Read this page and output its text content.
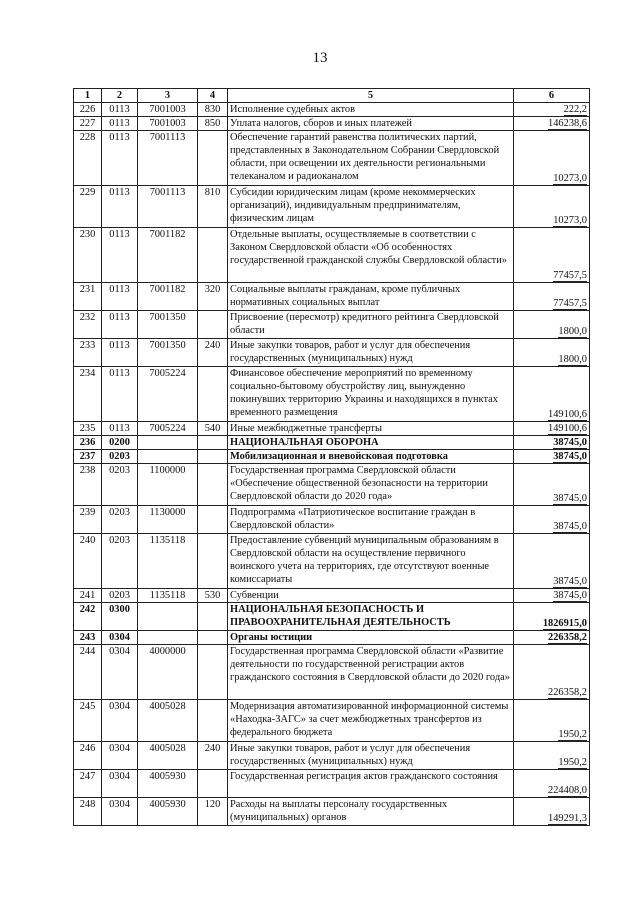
13
1	2	3	4	5	6
226	0113	7001003	830	Исполнение судебных актов	222,2
227	0113	7001003	850	Уплата налогов, сборов и иных платежей	146238,6
228	0113	7001113		Обеспечение гарантий равенства политических партий, представленных в Законодательном Собрании Свердловской области, при освещении их деятельности региональными телеканалом и радиоканалом	10273,0
229	0113	7001113	810	Субсидии юридическим лицам (кроме некоммерческих организаций), индивидуальным предпринимателям, физическим лицам	10273,0
230	0113	7001182		Отдельные выплаты, осуществляемые в соответствии с Законом Свердловской области «Об особенностях государственной гражданской службы Свердловской области»	77457,5
231	0113	7001182	320	Социальные выплаты гражданам, кроме публичных нормативных социальных выплат	77457,5
232	0113	7001350		Присвоение (пересмотр) кредитного рейтинга Свердловской области	1800,0
233	0113	7001350	240	Иные закупки товаров, работ и услуг для обеспечения государственных (муниципальных) нужд	1800,0
234	0113	7005224		Финансовое обеспечение мероприятий по временному социально-бытовому обустройству лиц, вынужденно покинувших территорию Украины и находящихся в пунктах временного размещения	149100,6
235	0113	7005224	540	Иные межбюджетные трансферты	149100,6
236	0200			НАЦИОНАЛЬНАЯ ОБОРОНА	38745,0
237	0203			Мобилизационная и вневойсковая подготовка	38745,0
238	0203	1100000		Государственная программа Свердловской области «Обеспечение общественной безопасности на территории Свердловской области до 2020 года»	38745,0
239	0203	1130000		Подпрограмма «Патриотическое воспитание граждан в Свердловской области»	38745,0
240	0203	1135118		Предоставление субвенций муниципальным образованиям в Свердловской области на осуществление первичного воинского учета на территориях, где отсутствуют военные комиссариаты	38745,0
241	0203	1135118	530	Субвенции	38745,0
242	0300			НАЦИОНАЛЬНАЯ БЕЗОПАСНОСТЬ И ПРАВООХРАНИТЕЛЬНАЯ ДЕЯТЕЛЬНОСТЬ	1826915,0
243	0304			Органы юстиции	226358,2
244	0304	4000000		Государственная программа Свердловской области «Развитие деятельности по государственной регистрации актов гражданского состояния в Свердловской области до 2020 года»	226358,2
245	0304	4005028		Модернизация автоматизированной информационной системы «Находка-ЗАГС» за счет межбюджетных трансфертов из федерального бюджета	1950,2
246	0304	4005028	240	Иные закупки товаров, работ и услуг для обеспечения государственных (муниципальных) нужд	1950,2
247	0304	4005930		Государственная регистрация актов гражданского состояния	224408,0
248	0304	4005930	120	Расходы на выплаты персоналу государственных (муниципальных) органов	149291,3
